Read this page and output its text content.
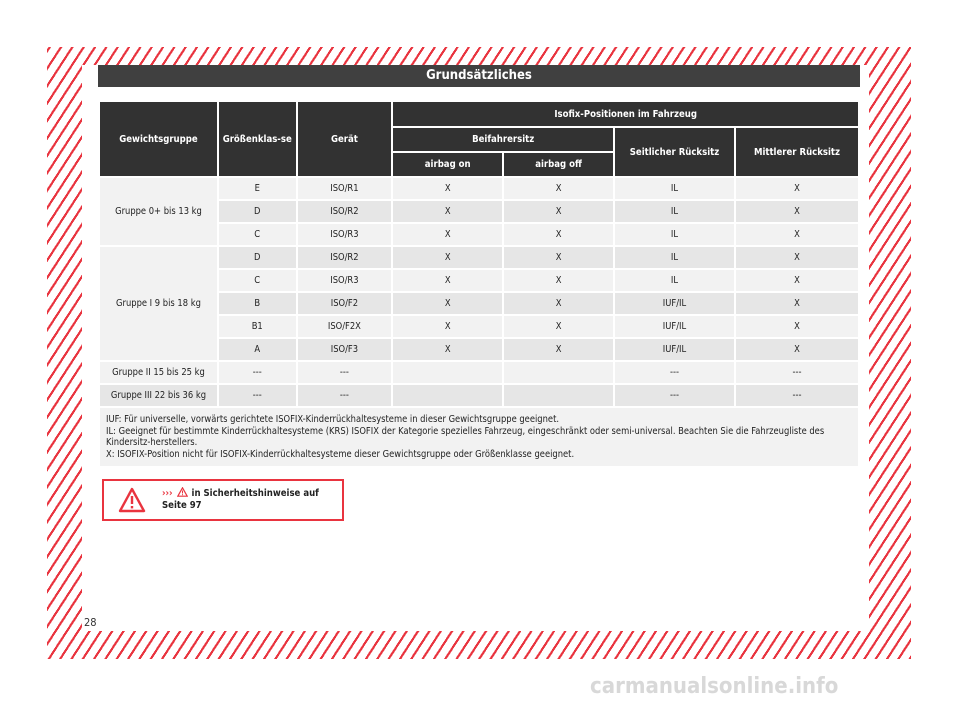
Grundsätzliches
Gewichtsgruppe	Größenklas-se	Gerät	Isofix-Positionen im Fahrzeug			
			Beifahrersitz		Seitlicher Rücksitz	Mittlerer Rücksitz
			airbag on	airbag off		
Gruppe 0+ bis 13 kg	E	ISO/R1	X	X	IL	X
	D	ISO/R2	X	X	IL	X
	C	ISO/R3	X	X	IL	X
Gruppe I 9 bis 18 kg	D	ISO/R2	X	X	IL	X
	C	ISO/R3	X	X	IL	X
	B	ISO/F2	X	X	IUF/IL	X
	B1	ISO/F2X	X	X	IUF/IL	X
	A	ISO/F3	X	X	IUF/IL	X
Gruppe II 15 bis 25 kg	---	---			---	---
Gruppe III 22 bis 36 kg	---	---			---	---

IUF: Für universelle, vorwärts gerichtete ISOFIX-Kinderrückhaltesysteme in dieser Gewichtsgruppe geeignet.
IL: Geeignet für bestimmte Kinderrückhaltesysteme (KRS) ISOFIX der Kategorie spezielles Fahrzeug, eingeschränkt oder semi-universal. Beachten Sie die Fahrzeugliste des Kindersitz-herstellers.
X: ISOFIX-Position nicht für ISOFIX-Kinderrückhaltesysteme dieser Gewichtsgruppe oder Größenklasse geeignet.						
››› in Sicherheitshinweise auf
Seite 97
28
carmanualsonline.info
